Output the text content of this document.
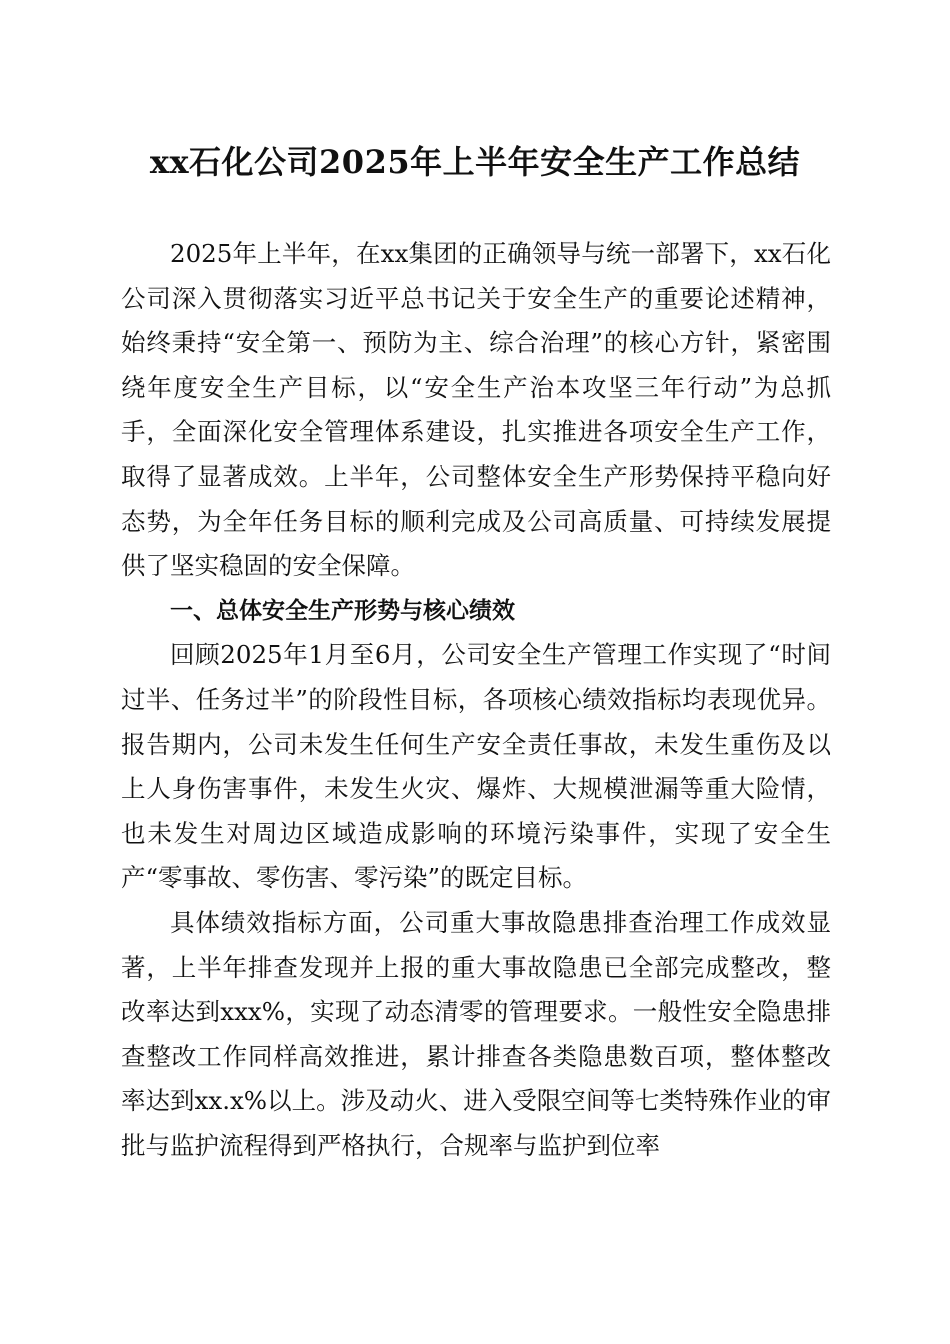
xx石化公司2025年上半年安全生产工作总结

2025年上半年，在xx集团的正确领导与统一部署下，xx石化公司深入贯彻落实习近平总书记关于安全生产的重要论述精神，始终秉持“安全第一、预防为主、综合治理”的核心方针，紧密围绕年度安全生产目标，以“安全生产治本攻坚三年行动”为总抓手，全面深化安全管理体系建设，扎实推进各项安全生产工作，取得了显著成效。上半年，公司整体安全生产形势保持平稳向好态势，为全年任务目标的顺利完成及公司高质量、可持续发展提供了坚实稳固的安全保障。

一、总体安全生产形势与核心绩效

回顾2025年1月至6月，公司安全生产管理工作实现了“时间过半、任务过半”的阶段性目标，各项核心绩效指标均表现优异。报告期内，公司未发生任何生产安全责任事故，未发生重伤及以上人身伤害事件，未发生火灾、爆炸、大规模泄漏等重大险情，也未发生对周边区域造成影响的环境污染事件，实现了安全生产“零事故、零伤害、零污染”的既定目标。

具体绩效指标方面，公司重大事故隐患排查治理工作成效显著，上半年排查发现并上报的重大事故隐患已全部完成整改，整改率达到xxx%，实现了动态清零的管理要求。一般性安全隐患排查整改工作同样高效推进，累计排查各类隐患数百项，整体整改率达到xx.x%以上。涉及动火、进入受限空间等七类特殊作业的审批与监护流程得到严格执行，合规率与监护到位率
